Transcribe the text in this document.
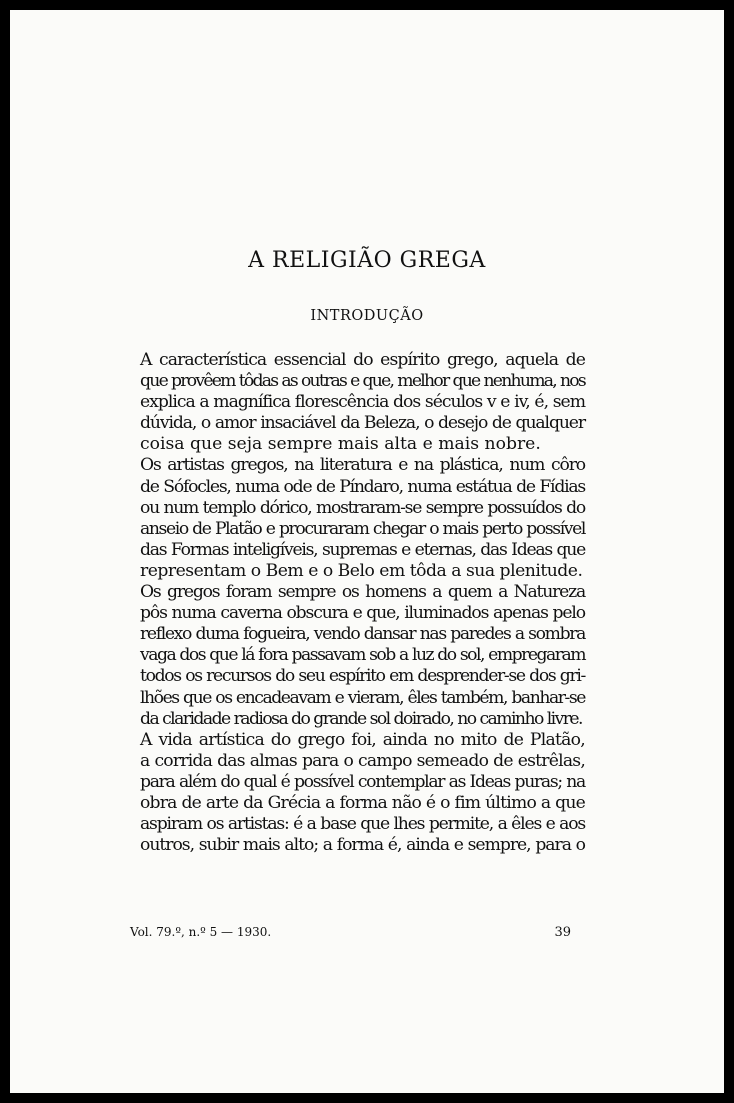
A RELIGIÃO GREGA
INTRODUÇÃO

A característica essencial do espírito grego, aquela de
que provêem tôdas as outras e que, melhor que nenhuma, nos
explica a magnífica florescência dos séculos v e iv, é, sem
dúvida, o amor insaciável da Beleza, o desejo de qualquer
coisa que seja sempre mais alta e mais nobre.

Os artistas gregos, na literatura e na plástica, num côro
de Sófocles, numa ode de Píndaro, numa estátua de Fídias
ou num templo dórico, mostraram-se sempre possuídos do
anseio de Platão e procuraram chegar o mais perto possível
das Formas inteligíveis, supremas e eternas, das Ideas que
representam o Bem e o Belo em tôda a sua plenitude.

Os gregos foram sempre os homens a quem a Natureza
pôs numa caverna obscura e que, iluminados apenas pelo
reflexo duma fogueira, vendo dansar nas paredes a sombra
vaga dos que lá fora passavam sob a luz do sol, empregaram
todos os recursos do seu espírito em desprender-se dos gri-
lhões que os encadeavam e vieram, êles também, banhar-se
da claridade radiosa do grande sol doirado, no caminho livre.

A vida artística do grego foi, ainda no mito de Platão,
a corrida das almas para o campo semeado de estrêlas,
para além do qual é possível contemplar as Ideas puras; na
obra de arte da Grécia a forma não é o fim último a que
aspiram os artistas: é a base que lhes permite, a êles e aos
outros, subir mais alto; a forma é, ainda e sempre, para o

Vol. 79.º, n.º 5 — 1930.	39
